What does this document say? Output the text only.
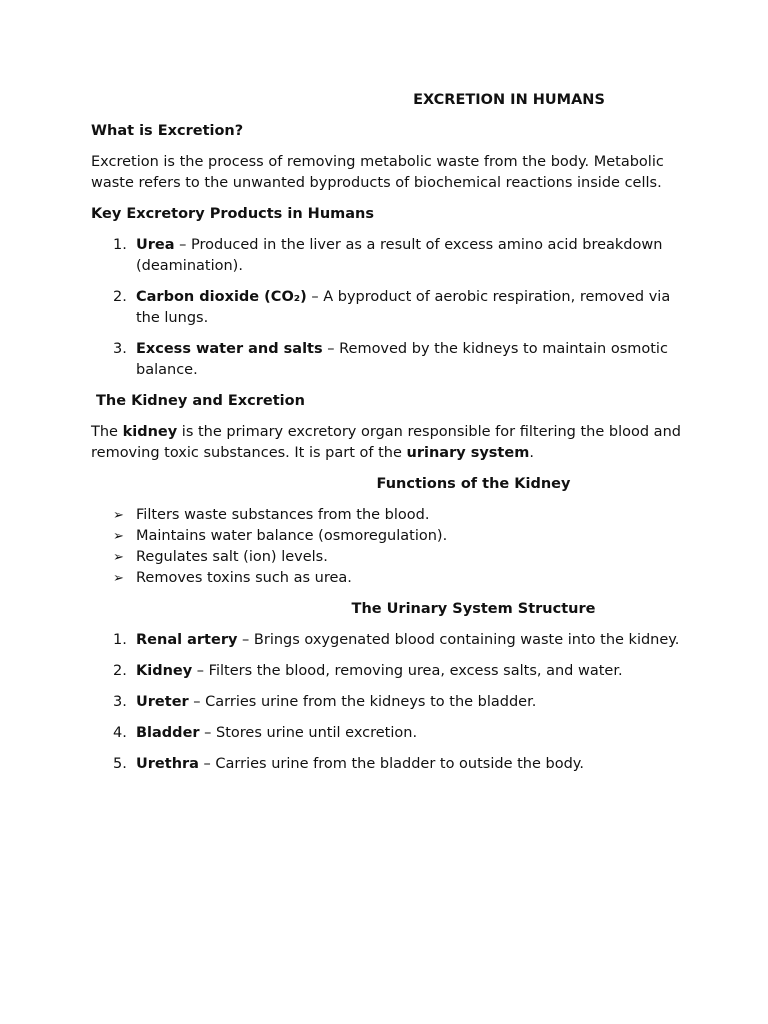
EXCRETION IN HUMANS
What is Excretion?
Excretion is the process of removing metabolic waste from the body. Metabolic waste refers to the unwanted byproducts of biochemical reactions inside cells.
Key Excretory Products in Humans
1. Urea – Produced in the liver as a result of excess amino acid breakdown (deamination).
2. Carbon dioxide (CO₂) – A byproduct of aerobic respiration, removed via the lungs.
3. Excess water and salts – Removed by the kidneys to maintain osmotic balance.
The Kidney and Excretion
The kidney is the primary excretory organ responsible for filtering the blood and removing toxic substances. It is part of the urinary system.
Functions of the Kidney
➢ Filters waste substances from the blood.
➢ Maintains water balance (osmoregulation).
➢ Regulates salt (ion) levels.
➢ Removes toxins such as urea.
The Urinary System Structure
1. Renal artery – Brings oxygenated blood containing waste into the kidney.
2. Kidney – Filters the blood, removing urea, excess salts, and water.
3. Ureter – Carries urine from the kidneys to the bladder.
4. Bladder – Stores urine until excretion.
5. Urethra – Carries urine from the bladder to outside the body.
